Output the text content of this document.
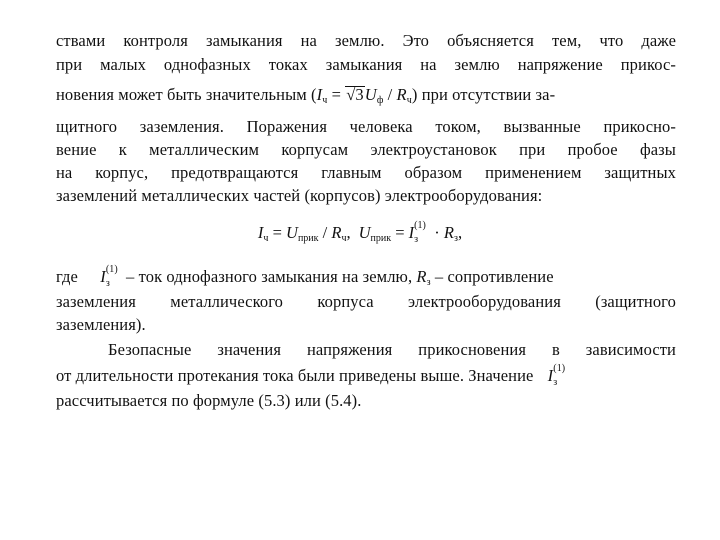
ствами контроля замыкания на землю. Это объясняется тем, что даже
при малых однофазных токах замыкания на землю напряжение прикос-
новения может быть значительным $(I_ч = √3U_ф / R_ч)$ при отсутствии за-
щитного заземления. Поражения человека током, вызванные прикосно-
вение к металлическим корпусам электроустановок при пробое фазы
на корпус, предотвращаются главным образом применением защитных
заземлений металлических частей (корпусов) электрооборудования:
$I_ч = U_{прик} / R_ч$, $U_{прик} = I$ (1)
$з \cdot R_з$,
где I (1)
з – ток однофазного замыкания на землю, $R_з$ – сопротивление
заземления металлического корпуса электрооборудования (защитного
заземления).
Безопасные значения напряжения прикосновения в зависимости
от длительности протекания тока были приведены выше. Значение I (1)
з
рассчитывается по формуле (5.3) или (5.4).
